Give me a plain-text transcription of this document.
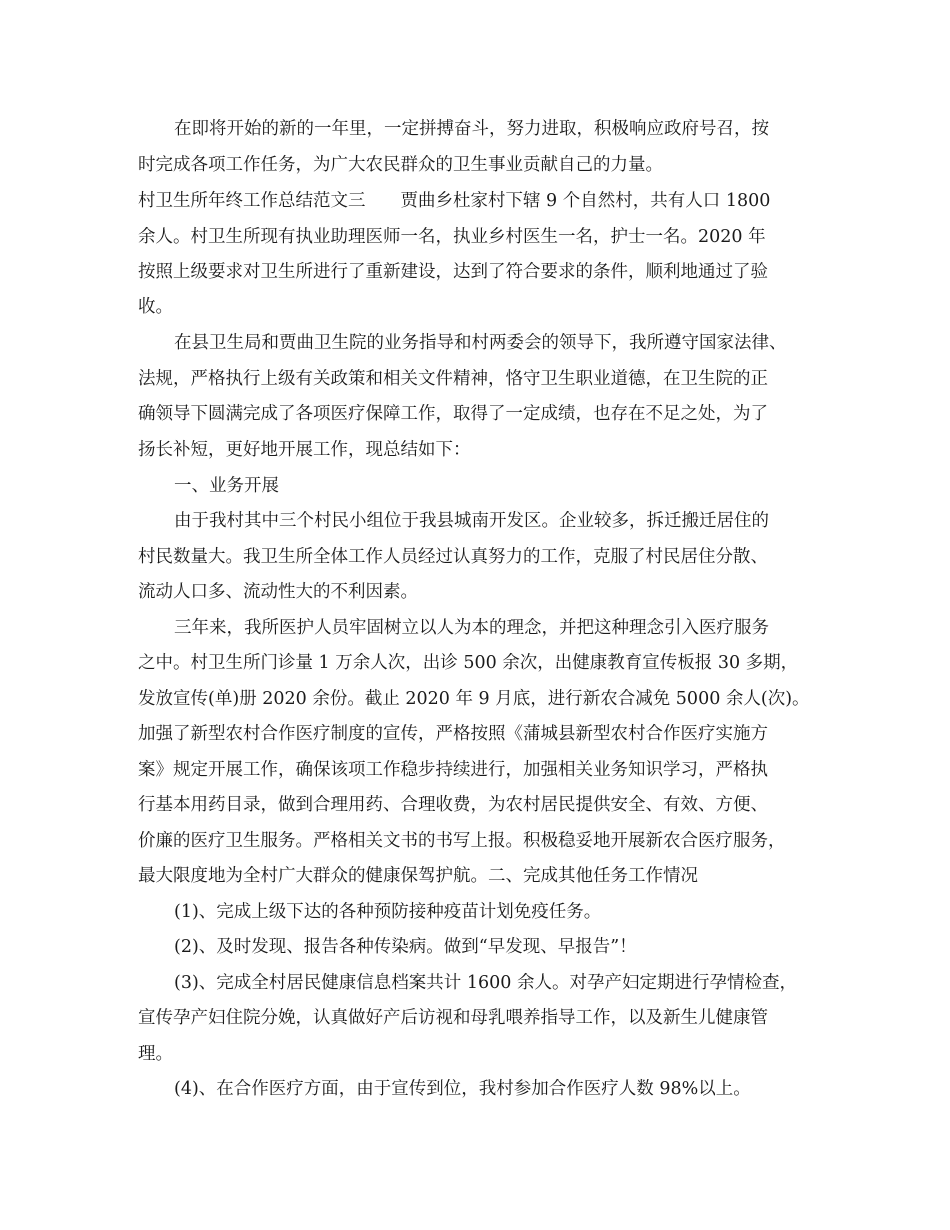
在即将开始的新的一年里，一定拼搏奋斗，努力进取，积极响应政府号召，按

时完成各项工作任务，为广大农民群众的卫生事业贡献自己的力量。

村卫生所年终工作总结范文三　　贾曲乡杜家村下辖 9 个自然村，共有人口 1800

余人。村卫生所现有执业助理医师一名，执业乡村医生一名，护士一名。2020 年

按照上级要求对卫生所进行了重新建设，达到了符合要求的条件，顺利地通过了验

收。

在县卫生局和贾曲卫生院的业务指导和村两委会的领导下，我所遵守国家法律、

法规，严格执行上级有关政策和相关文件精神，恪守卫生职业道德，在卫生院的正

确领导下圆满完成了各项医疗保障工作，取得了一定成绩，也存在不足之处，为了

扬长补短，更好地开展工作，现总结如下：

一、业务开展

由于我村其中三个村民小组位于我县城南开发区。企业较多，拆迁搬迁居住的

村民数量大。我卫生所全体工作人员经过认真努力的工作，克服了村民居住分散、

流动人口多、流动性大的不利因素。

三年来，我所医护人员牢固树立以人为本的理念，并把这种理念引入医疗服务

之中。村卫生所门诊量 1 万余人次，出诊 500 余次，出健康教育宣传板报 30 多期，

发放宣传(单)册 2020 余份。截止 2020 年 9 月底，进行新农合减免 5000 余人(次)。

加强了新型农村合作医疗制度的宣传，严格按照《蒲城县新型农村合作医疗实施方

案》规定开展工作，确保该项工作稳步持续进行，加强相关业务知识学习，严格执

行基本用药目录，做到合理用药、合理收费，为农村居民提供安全、有效、方便、

价廉的医疗卫生服务。严格相关文书的书写上报。积极稳妥地开展新农合医疗服务，

最大限度地为全村广大群众的健康保驾护航。二、完成其他任务工作情况

(1)、完成上级下达的各种预防接种疫苗计划免疫任务。

(2)、及时发现、报告各种传染病。做到“早发现、早报告”！

(3)、完成全村居民健康信息档案共计 1600 余人。对孕产妇定期进行孕情检查，

宣传孕产妇住院分娩，认真做好产后访视和母乳喂养指导工作，以及新生儿健康管

理。

(4)、在合作医疗方面，由于宣传到位，我村参加合作医疗人数 98%以上。
